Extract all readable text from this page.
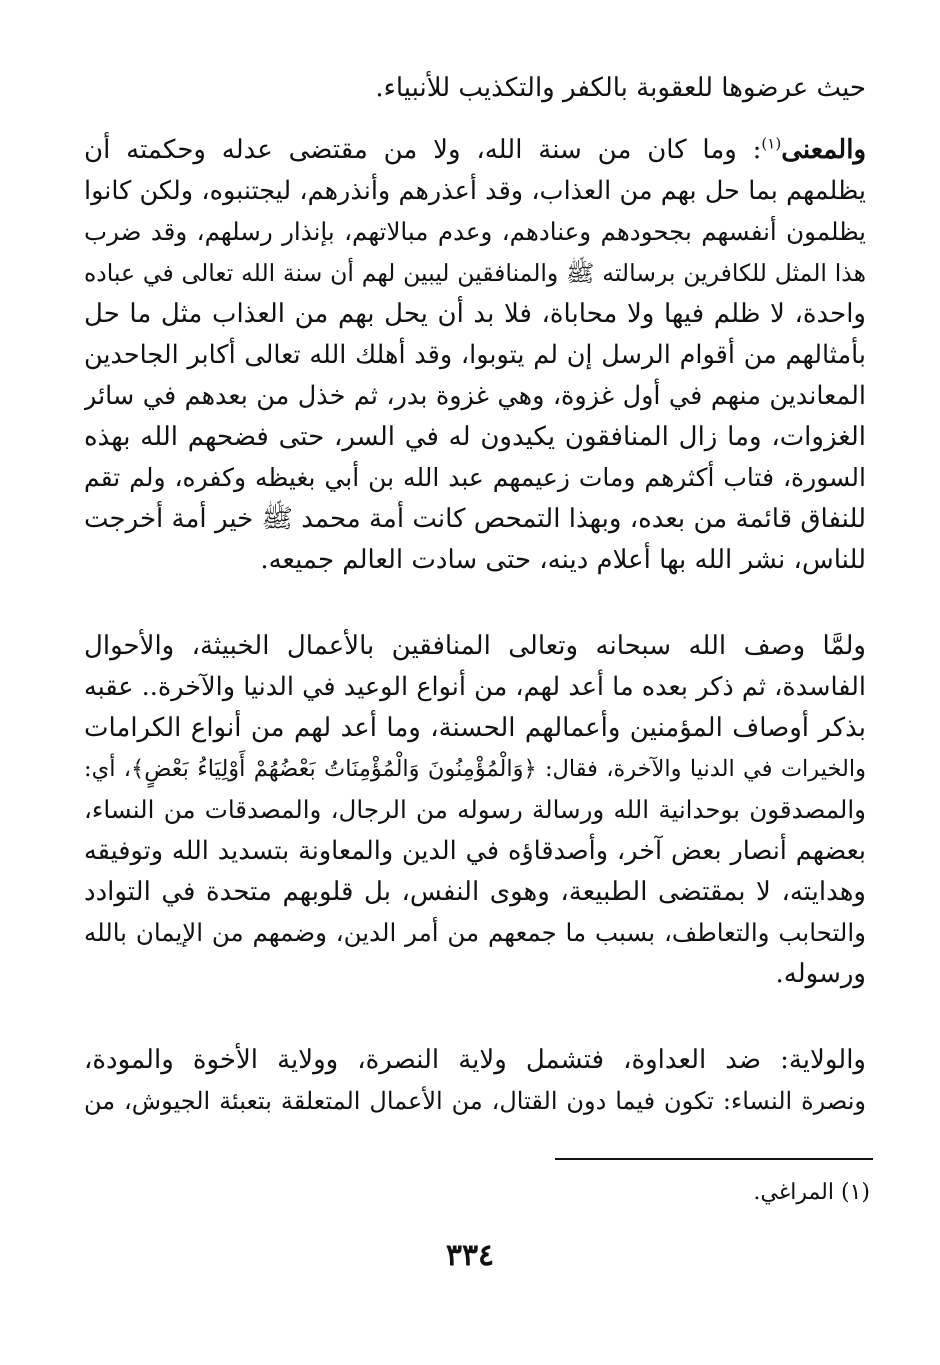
حيث عرضوها للعقوبة بالكفر والتكذيب للأنبياء.
والمعنى$^{(١)}$: وما كان من سنة الله، ولا من مقتضى عدله وحكمته أن
يظلمهم بما حل بهم من العذاب، وقد أعذرهم وأنذرهم، ليجتنبوه، ولكن كانوا
يظلمون أنفسهم بجحودهم وعنادهم، وعدم مبالاتهم، بإنذار رسلهم، وقد ضرب
هذا المثل للكافرين برسالته ﷺ والمنافقين ليبين لهم أن سنة الله تعالى في عباده
واحدة، لا ظلم فيها ولا محاباة، فلا بد أن يحل بهم من العذاب مثل ما حل
بأمثالهم من أقوام الرسل إن لم يتوبوا، وقد أهلك الله تعالى أكابر الجاحدين
المعاندين منهم في أول غزوة، وهي غزوة بدر، ثم خذل من بعدهم في سائر
الغزوات، وما زال المنافقون يكيدون له في السر، حتى فضحهم الله بهذه
السورة، فتاب أكثرهم ومات زعيمهم عبد الله بن أبي بغيظه وكفره، ولم تقم
للنفاق قائمة من بعده، وبهذا التمحص كانت أمة محمد ﷺ خير أمة أخرجت
للناس، نشر الله بها أعلام دينه، حتى سادت العالم جميعه.
ولمَّا وصف الله سبحانه وتعالى المنافقين بالأعمال الخبيثة، والأحوال
الفاسدة، ثم ذكر بعده ما أعد لهم، من أنواع الوعيد في الدنيا والآخرة.. عقبه
بذكر أوصاف المؤمنين وأعمالهم الحسنة، وما أعد لهم من أنواع الكرامات
والخيرات في الدنيا والآخرة، فقال: ﴿وَالْمُؤْمِنُونَ وَالْمُؤْمِنَاتُ بَعْضُهُمْ أَوْلِيَاءُ بَعْضٍ﴾، أي:
والمصدقون بوحدانية الله ورسالة رسوله من الرجال، والمصدقات من النساء،
بعضهم أنصار بعض آخر، وأصدقاؤه في الدين والمعاونة بتسديد الله وتوفيقه
وهدايته، لا بمقتضى الطبيعة، وهوى النفس، بل قلوبهم متحدة في التوادد
والتحابب والتعاطف، بسبب ما جمعهم من أمر الدين، وضمهم من الإيمان بالله
ورسوله.
والولاية: ضد العداوة، فتشمل ولاية النصرة، وولاية الأخوة والمودة،
ونصرة النساء: تكون فيما دون القتال، من الأعمال المتعلقة بتعبئة الجيوش، من
(١) المراغي.
٣٣٤
